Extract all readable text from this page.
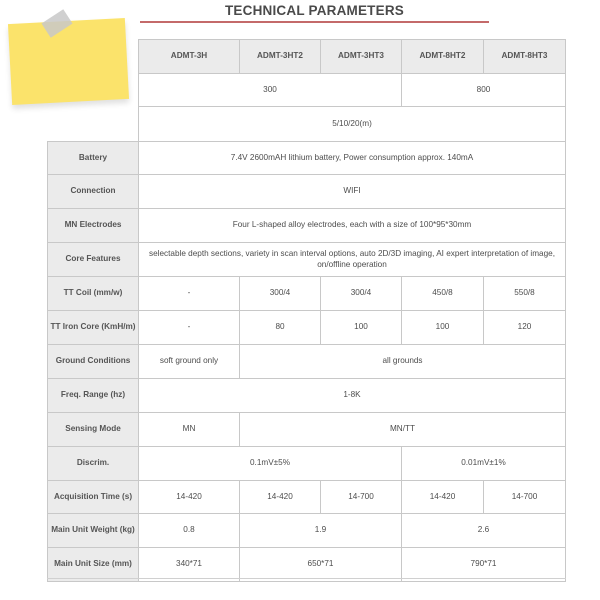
TECHNICAL PARAMETERS
	ADMT-3H	ADMT-3HT2	ADMT-3HT3	ADMT-8HT2	ADMT-8HT3
	300			800	
	5/10/20(m)				
Battery	7.4V 2600mAH lithium battery, Power consumption approx. 140mA				
Connection	WIFI				
MN Electrodes	Four L-shaped alloy electrodes, each with a size of 100*95*30mm				
Core Features	selectable depth sections, variety in scan interval options, auto 2D/3D imaging, AI expert interpretation of image, on/offline operation				
TT Coil (mm/w)	-	300/4	300/4	450/8	550/8
TT Iron Core (KmH/m)	-	80	100	100	120
Ground Conditions	soft ground only	all grounds			
Freq. Range (hz)	1-8K				
Sensing Mode	MN	MN/TT			
Discrim.	0.1mV±5%			0.01mV±1%	
Acquisition Time (s)	14-420	14-420	14-700	14-420	14-700
Main Unit Weight (kg)	0.8	1.9		2.6	
Main Unit Size (mm)	340*71	650*71		790*71	
